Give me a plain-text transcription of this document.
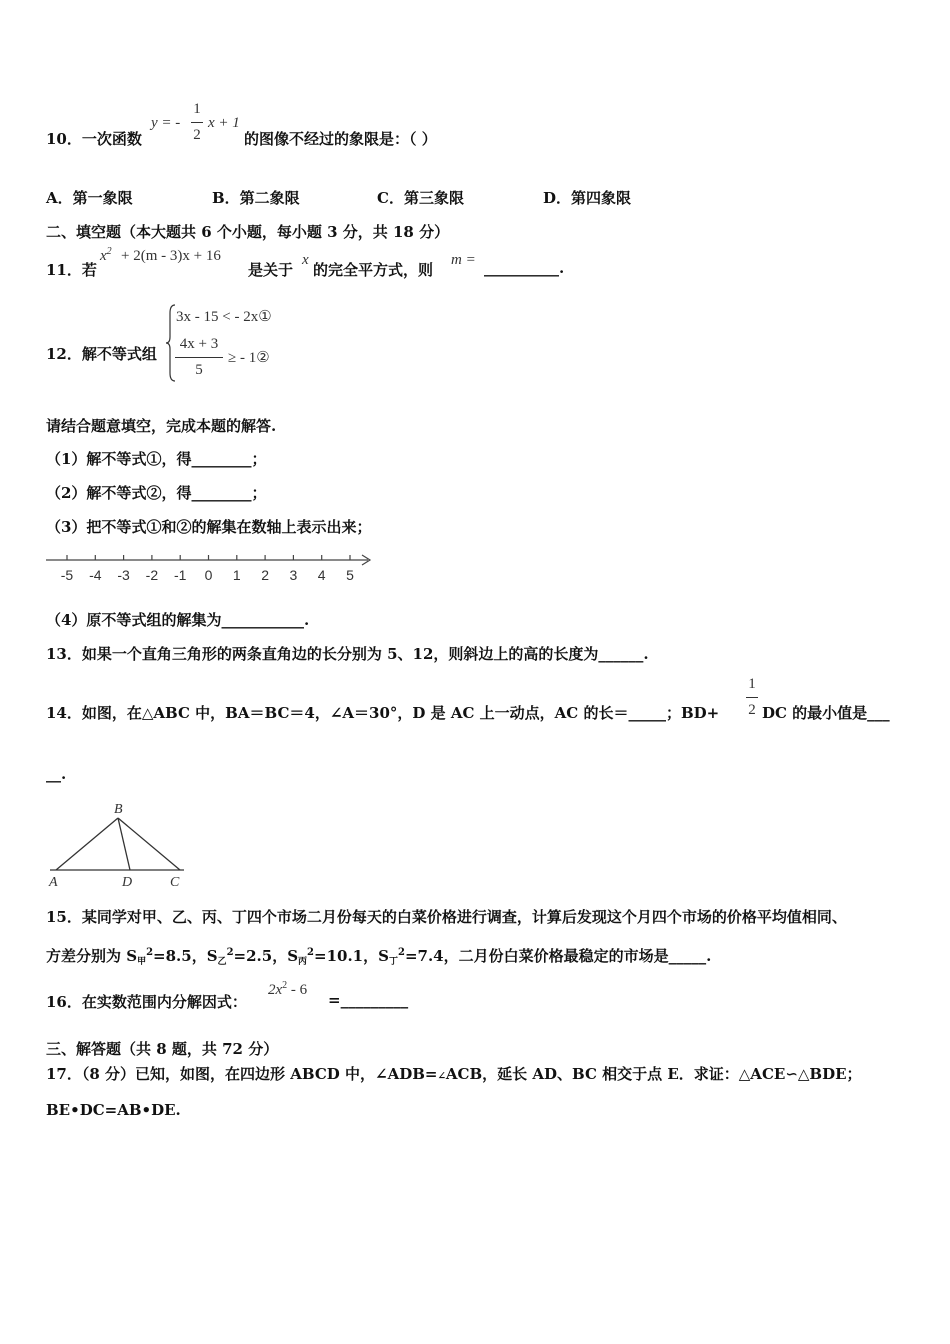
10．一次函数
y = -
1
2
x + 1
的图像不经过的象限是：（ ）
A．第一象限	B．第二象限	C．第三象限	D．第四象限
二、填空题（本大题共 6 个小题，每小题 3 分，共 18 分）
11．若
$x^2 + 2(m - 3)x + 16$
是关于
x
的完全平方式，则
m = __________.
12．解不等式组
3x - 15 < - 2x①
4x + 3
5
≥ - 1②
请结合题意填空，完成本题的解答.
（1）解不等式①，得________；
（2）解不等式②，得________；
（3）把不等式①和②的解集在数轴上表示出来；
-5 -4 -3 -2 -1 0 1 2 3 4 5
（4）原不等式组的解集为___________.
13．如果一个直角三角形的两条直角边的长分别为 5、12，则斜边上的高的长度为______.
14．如图，在△ABC 中，BA＝BC＝4，∠A＝30°，D 是 AC 上一动点，AC 的长＝_____；BD+
1
2 DC 的最小值是___
__.
B
A	D	C
15．某同学对甲、乙、丙、丁四个市场二月份每天的白菜价格进行调查，计算后发现这个月四个市场的价格平均值相同、
方差分别为 $S_甲^2=8.5$，$S_乙^2=2.5$，$S_丙^2=10.1$，$S_丁^2=7.4$，二月份白菜价格最稳定的市场是_____.
16．在实数范围内分解因式：
$2x^2 - 6$
=_________
三、解答题（共 8 题，共 72 分）
17．（8 分）已知，如图，在四边形 ABCD 中，∠ADB=∠ACB，延长 AD、BC 相交于点 E．求证：△ACE∽△BDE；
BE•DC=AB•DE.
